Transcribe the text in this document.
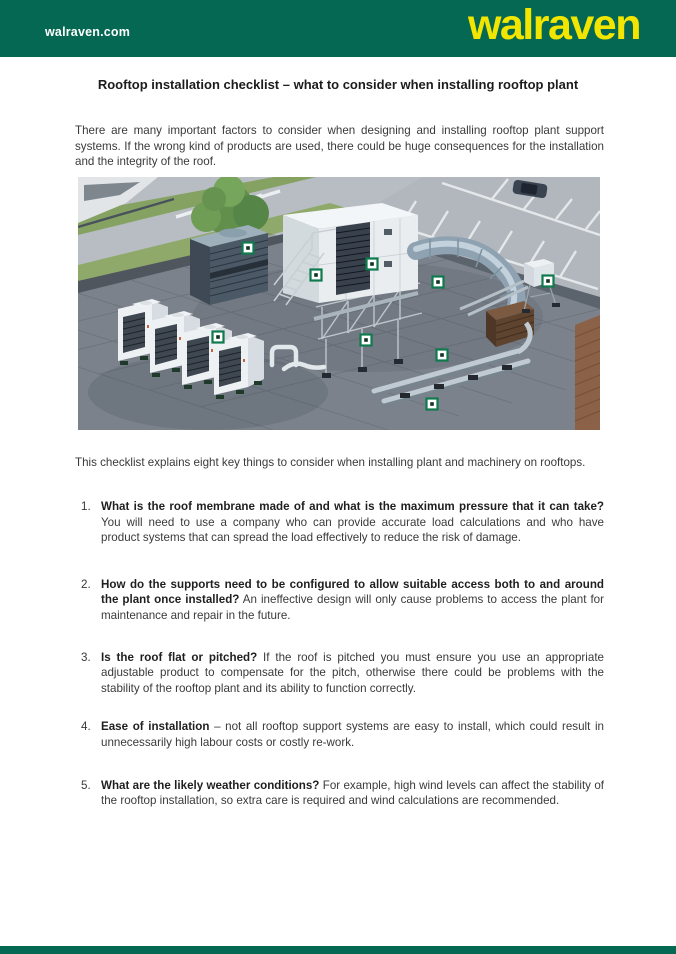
walraven.com	walraven
Rooftop installation checklist – what to consider when installing rooftop plant

There are many important factors to consider when designing and installing rooftop plant support systems. If the wrong kind of products are used, there could be huge consequences for the installation and the integrity of the roof.

This checklist explains eight key things to consider when installing plant and machinery on rooftops.

1. What is the roof membrane made of and what is the maximum pressure that it can take? You will need to use a company who can provide accurate load calculations and who have product systems that can spread the load effectively to reduce the risk of damage.
2. How do the supports need to be configured to allow suitable access both to and around the plant once installed? An ineffective design will only cause problems to access the plant for maintenance and repair in the future.
3. Is the roof flat or pitched? If the roof is pitched you must ensure you use an appropriate adjustable product to compensate for the pitch, otherwise there could be problems with the stability of the rooftop plant and its ability to function correctly.
4. Ease of installation – not all rooftop support systems are easy to install, which could result in unnecessarily high labour costs or costly re-work.
5. What are the likely weather conditions? For example, high wind levels can affect the stability of the rooftop installation, so extra care is required and wind calculations are recommended.
